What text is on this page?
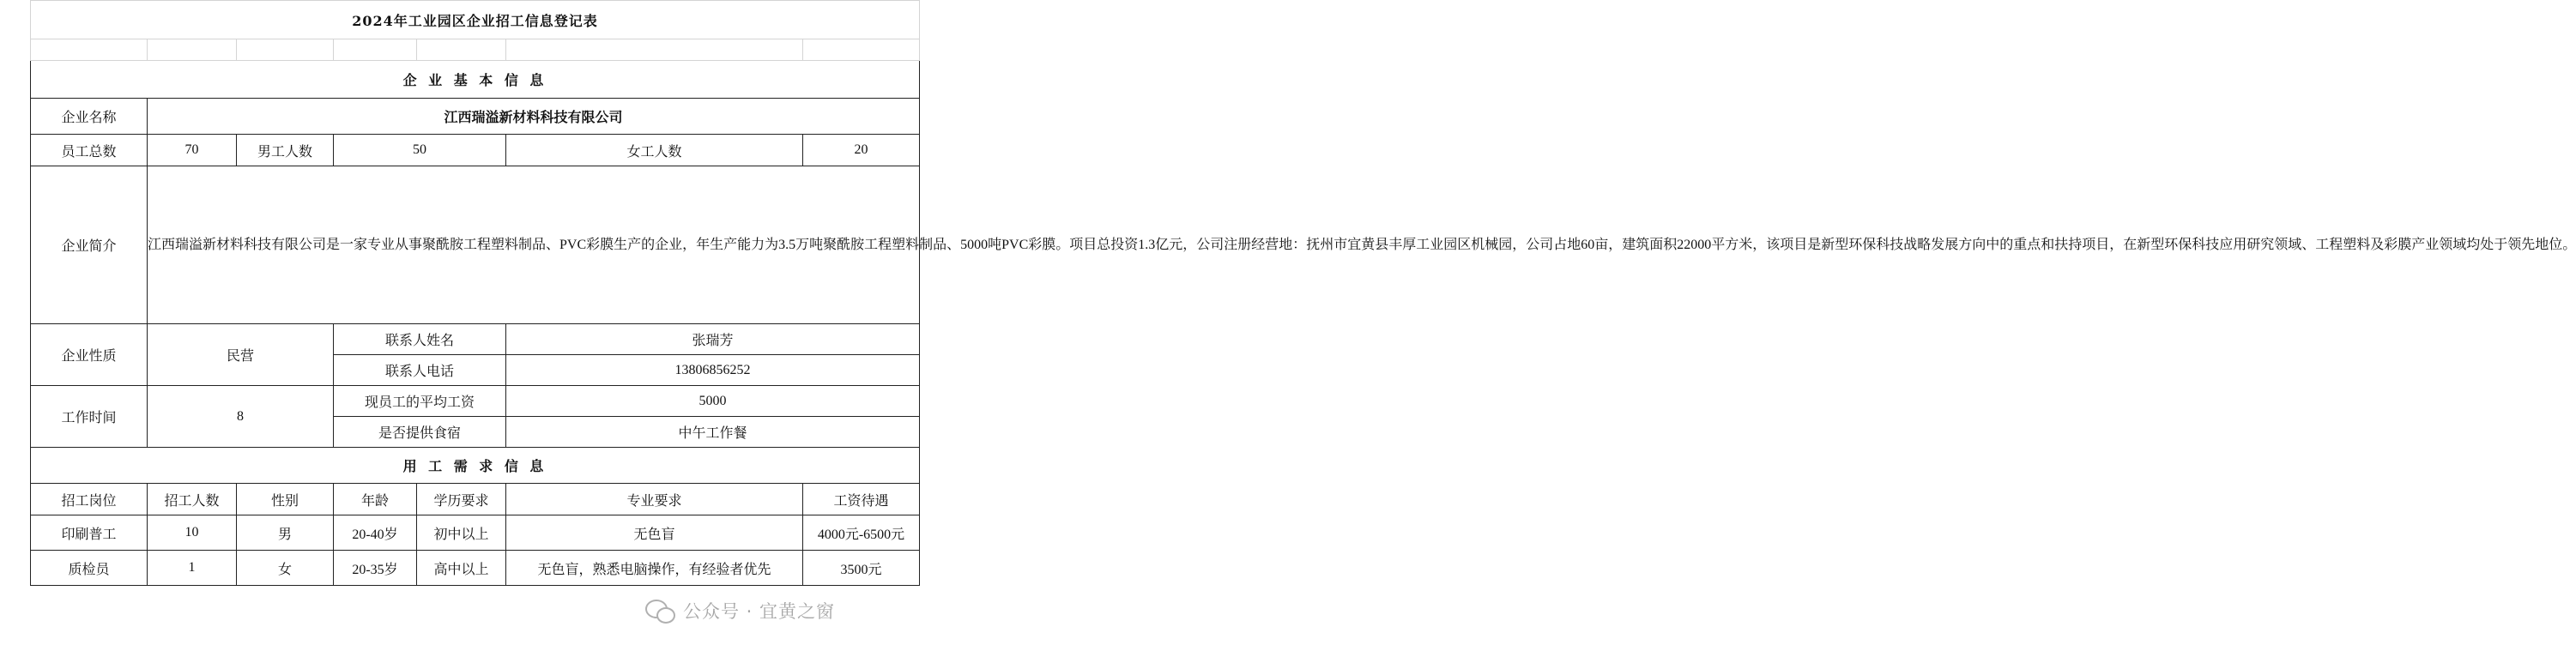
2024年工业园区企业招工信息登记表						

企 业 基 本 信 息						
企业名称	江西瑞溢新材料科技有限公司					
员工总数	70	男工人数	50		女工人数	20
企业简介	江西瑞溢新材料科技有限公司是一家专业从事聚酰胺工程塑料制品、PVC彩膜生产的企业，年生产能力为3.5万吨聚酰胺工程塑料制品、5000吨PVC彩膜。项目总投资1.3亿元，公司注册经营地：抚州市宜黄县丰厚工业园区机械园，公司占地60亩，建筑面积22000平方米，该项目是新型环保科技战略发展方向中的重点和扶持项目，在新型环保科技应用研究领域、工程塑料及彩膜产业领域均处于领先地位。					
企业性质	民营		联系人姓名		张瑞芳	
			联系人电话		13806856252	
工作时间	8		现员工的平均工资		5000	
			是否提供食宿		中午工作餐	
用 工 需 求 信 息						
招工岗位	招工人数	性别	年龄	学历要求	专业要求	工资待遇
印刷普工	10	男	20-40岁	初中以上	无色盲	4000元-6500元
质检员	1	女	20-35岁	高中以上	无色盲，熟悉电脑操作，有经验者优先	3500元
公众号 · 宜黄之窗
